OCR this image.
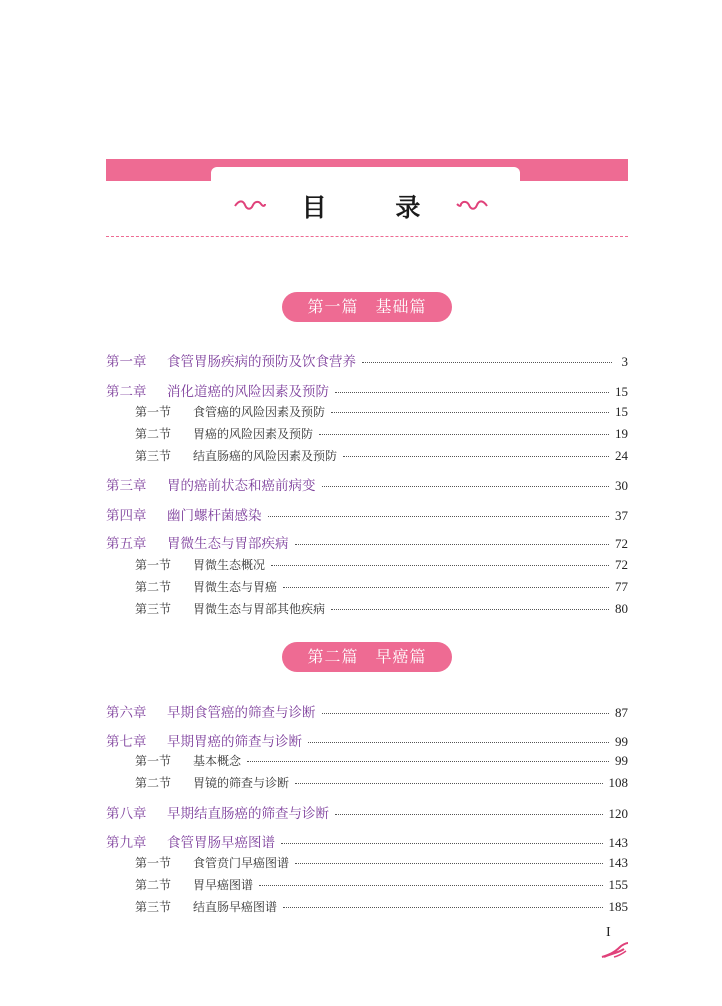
目 录
第一篇　基础篇
第二篇　早癌篇
第一章	食管胃肠疾病的预防及饮食营养	3
第二章	消化道癌的风险因素及预防	15
第一节	食管癌的风险因素及预防	15
第二节	胃癌的风险因素及预防	19
第三节	结直肠癌的风险因素及预防	24
第三章	胃的癌前状态和癌前病变	30
第四章	幽门螺杆菌感染	37
第五章	胃微生态与胃部疾病	72
第一节	胃微生态概况	72
第二节	胃微生态与胃癌	77
第三节	胃微生态与胃部其他疾病	80
第六章	早期食管癌的筛查与诊断	87
第七章	早期胃癌的筛查与诊断	99
第一节	基本概念	99
第二节	胃镜的筛查与诊断	108
第八章	早期结直肠癌的筛查与诊断	120
第九章	食管胃肠早癌图谱	143
第一节	食管贲门早癌图谱	143
第二节	胃早癌图谱	155
第三节	结直肠早癌图谱	185
I
